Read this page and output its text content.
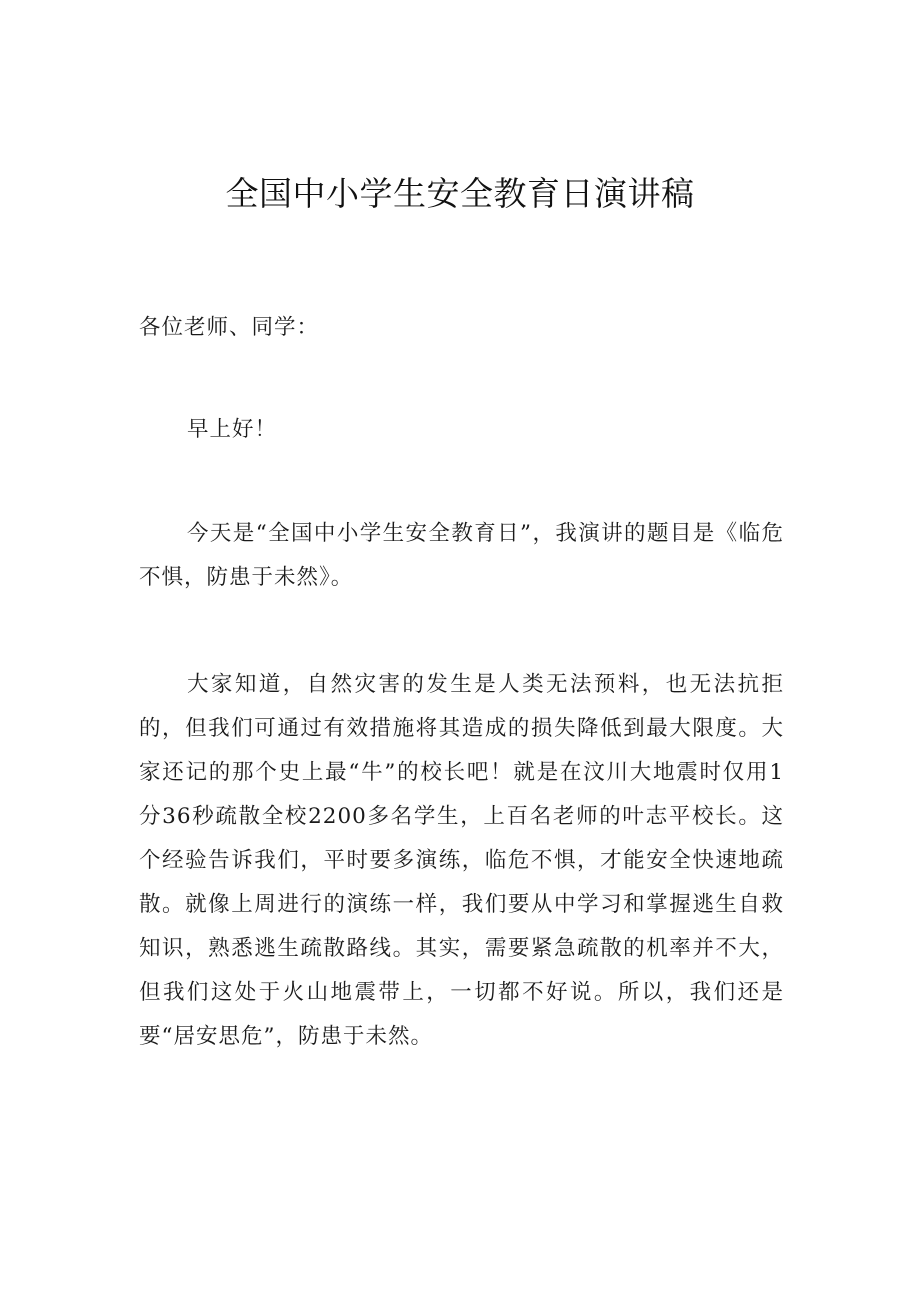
全国中小学生安全教育日演讲稿

各位老师、同学：

早上好！

今天是“全国中小学生安全教育日”，我演讲的题目是《临危不惧，防患于未然》。

大家知道，自然灾害的发生是人类无法预料，也无法抗拒的，但我们可通过有效措施将其造成的损失降低到最大限度。大家还记的那个史上最“牛”的校长吧！就是在汶川大地震时仅用1分36秒疏散全校2200多名学生，上百名老师的叶志平校长。这个经验告诉我们，平时要多演练，临危不惧，才能安全快速地疏散。就像上周进行的演练一样，我们要从中学习和掌握逃生自救知识，熟悉逃生疏散路线。其实，需要紧急疏散的机率并不大，但我们这处于火山地震带上，一切都不好说。所以，我们还是要“居安思危”，防患于未然。
